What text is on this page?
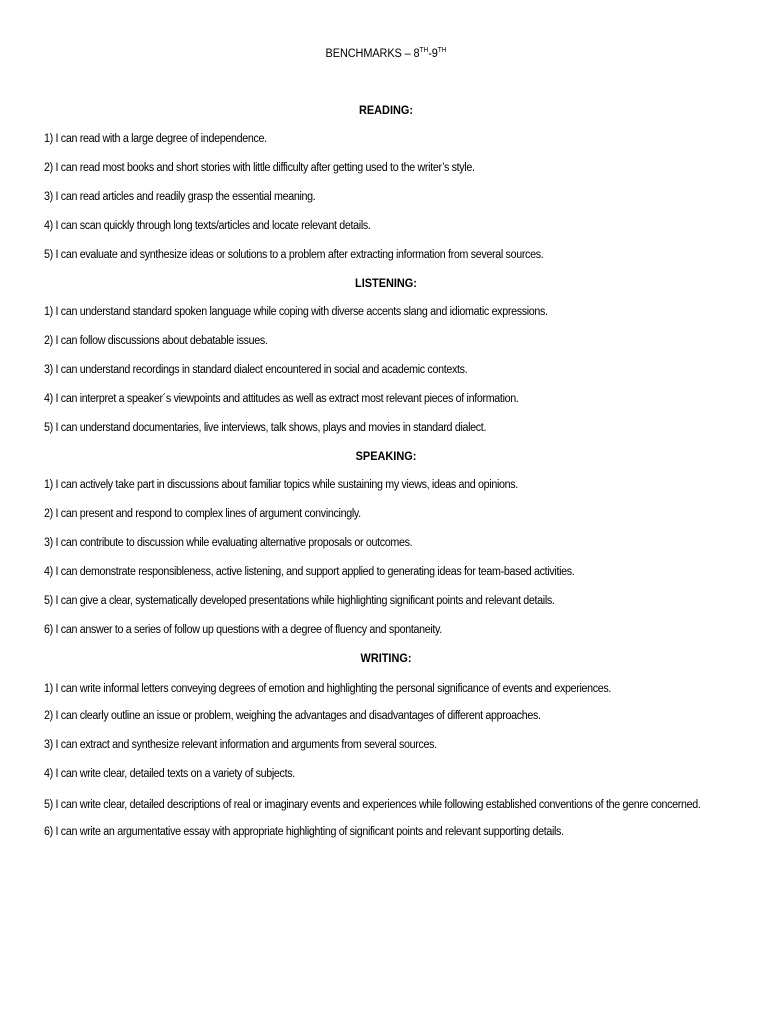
BENCHMARKS – 8TH-9TH
READING:
1) I can read with a large degree of independence.
2) I can read most books and short stories with little difficulty after getting used to the writer’s style.
3) I can read articles and readily grasp the essential meaning.
4) I can scan quickly through long texts/articles and locate relevant details.
5) I can evaluate and synthesize ideas or solutions to a problem after extracting information from several sources.
LISTENING:
1) I can understand standard spoken language while coping with diverse accents slang and idiomatic expressions.
2) I can follow discussions about debatable issues.
3) I can understand recordings in standard dialect encountered in social and academic contexts.
4) I can interpret a speaker´s viewpoints and attitudes as well as extract most relevant pieces of information.
5) I can understand documentaries, live interviews, talk shows, plays and movies in standard dialect.
SPEAKING:
1) I can actively take part in discussions about familiar topics while sustaining my views, ideas and opinions.
2) I can present and respond to complex lines of argument convincingly.
3) I can contribute to discussion while evaluating alternative proposals or outcomes.
4) I can demonstrate responsibleness, active listening, and support applied to generating ideas for team-based activities.
5) I can give a clear, systematically developed presentations while highlighting significant points and relevant details.
6) I can answer to a series of follow up questions with a degree of fluency and spontaneity.
WRITING:
1) I can write informal letters conveying degrees of emotion and highlighting the personal significance of events and experiences.
2) I can clearly outline an issue or problem, weighing the advantages and disadvantages of different approaches.
3) I can extract and synthesize relevant information and arguments from several sources.
4) I can write clear, detailed texts on a variety of subjects.
5) I can write clear, detailed descriptions of real or imaginary events and experiences while following established conventions of the genre concerned.
6) I can write an argumentative essay with appropriate highlighting of significant points and relevant supporting details.
